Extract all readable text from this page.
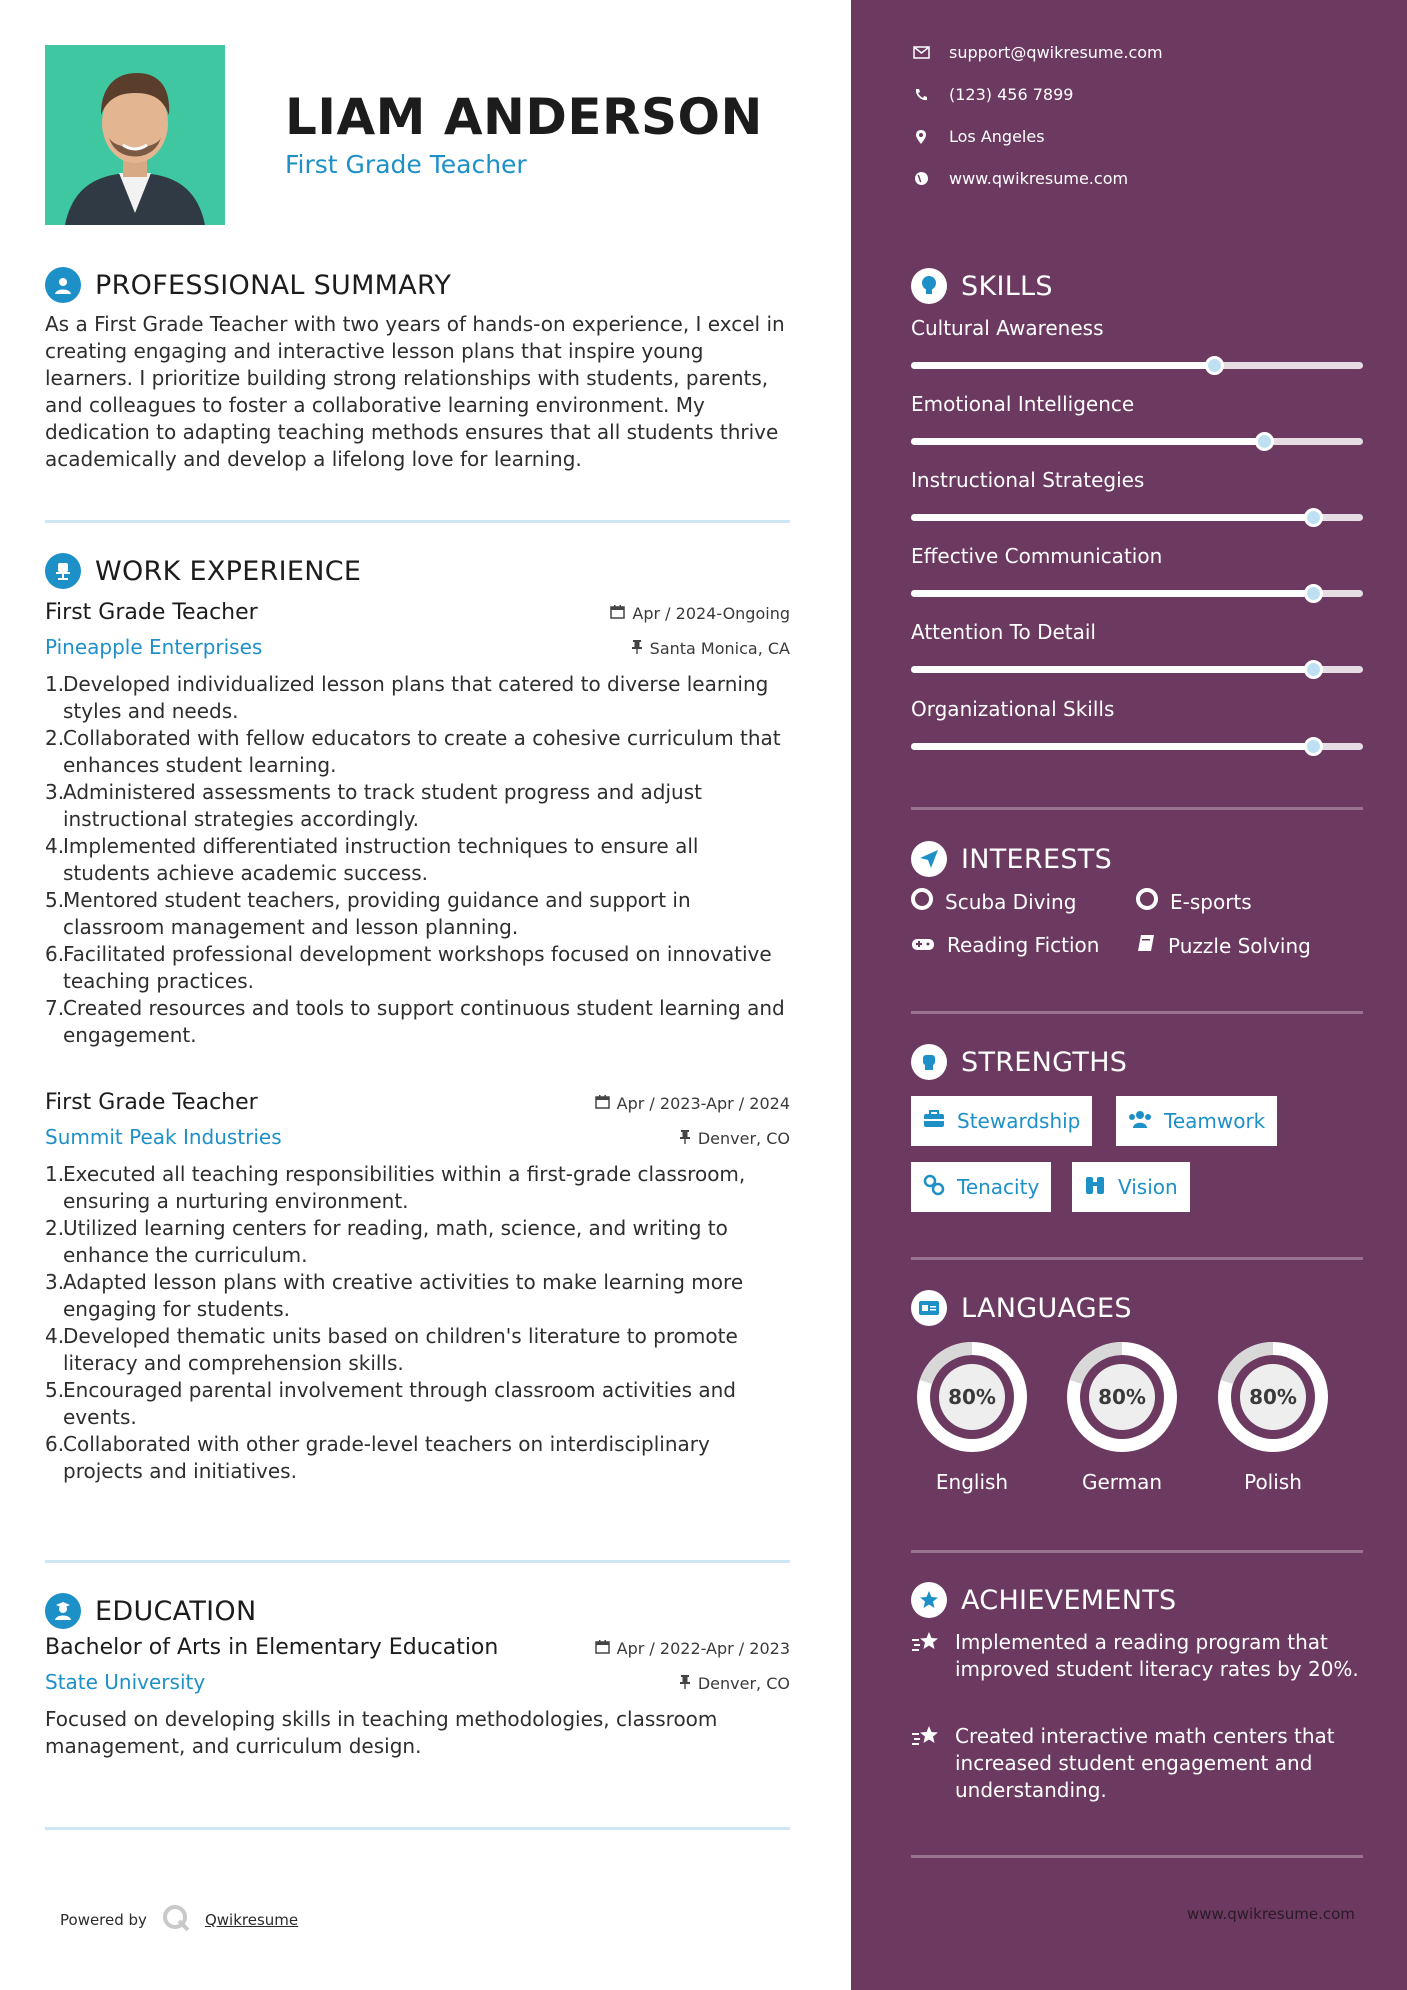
LIAM ANDERSON
First Grade Teacher
PROFESSIONAL SUMMARY

As a First Grade Teacher with two years of hands-on experience, I excel in creating engaging and interactive lesson plans that inspire young learners. I prioritize building strong relationships with students, parents, and colleagues to foster a collaborative learning environment. My dedication to adapting teaching methods ensures that all students thrive academically and develop a lifelong love for learning.

WORK EXPERIENCE
First Grade Teacher	Apr / 2024-Ongoing
Pineapple Enterprises	Santa Monica, CA
1.
Developed individualized lesson plans that catered to diverse learning styles and needs.
2.
Collaborated with fellow educators to create a cohesive curriculum that enhances student learning.
3.
Administered assessments to track student progress and adjust instructional strategies accordingly.
4.
Implemented differentiated instruction techniques to ensure all students achieve academic success.
5.
Mentored student teachers, providing guidance and support in classroom management and lesson planning.
6.
Facilitated professional development workshops focused on innovative teaching practices.
7.
Created resources and tools to support continuous student learning and engagement.
First Grade Teacher	Apr / 2023-Apr / 2024
Summit Peak Industries	Denver, CO
1.
Executed all teaching responsibilities within a first-grade classroom, ensuring a nurturing environment.
2.
Utilized learning centers for reading, math, science, and writing to enhance the curriculum.
3.
Adapted lesson plans with creative activities to make learning more engaging for students.
4.
Developed thematic units based on children's literature to promote literacy and comprehension skills.
5.
Encouraged parental involvement through classroom activities and events.
6.
Collaborated with other grade-level teachers on interdisciplinary projects and initiatives.
EDUCATION
Bachelor of Arts in Elementary Education	Apr / 2022-Apr / 2023
State University	Denver, CO

Focused on developing skills in teaching methodologies, classroom management, and curriculum design.

Powered by	Qwikresume
support@qwikresume.com
(123) 456 7899
Los Angeles
www.qwikresume.com
SKILLS
Cultural Awareness
Emotional Intelligence
Instructional Strategies
Effective Communication
Attention To Detail
Organizational Skills
INTERESTS
Scuba Diving	E-sports
Reading Fiction	Puzzle Solving
STRENGTHS
Stewardship	Teamwork
Tenacity	Vision
LANGUAGES
80%
English
80%
German
80%
Polish
ACHIEVEMENTS
Implemented a reading program that improved student literacy rates by 20%.
Created interactive math centers that increased student engagement and understanding.
www.qwikresume.com
